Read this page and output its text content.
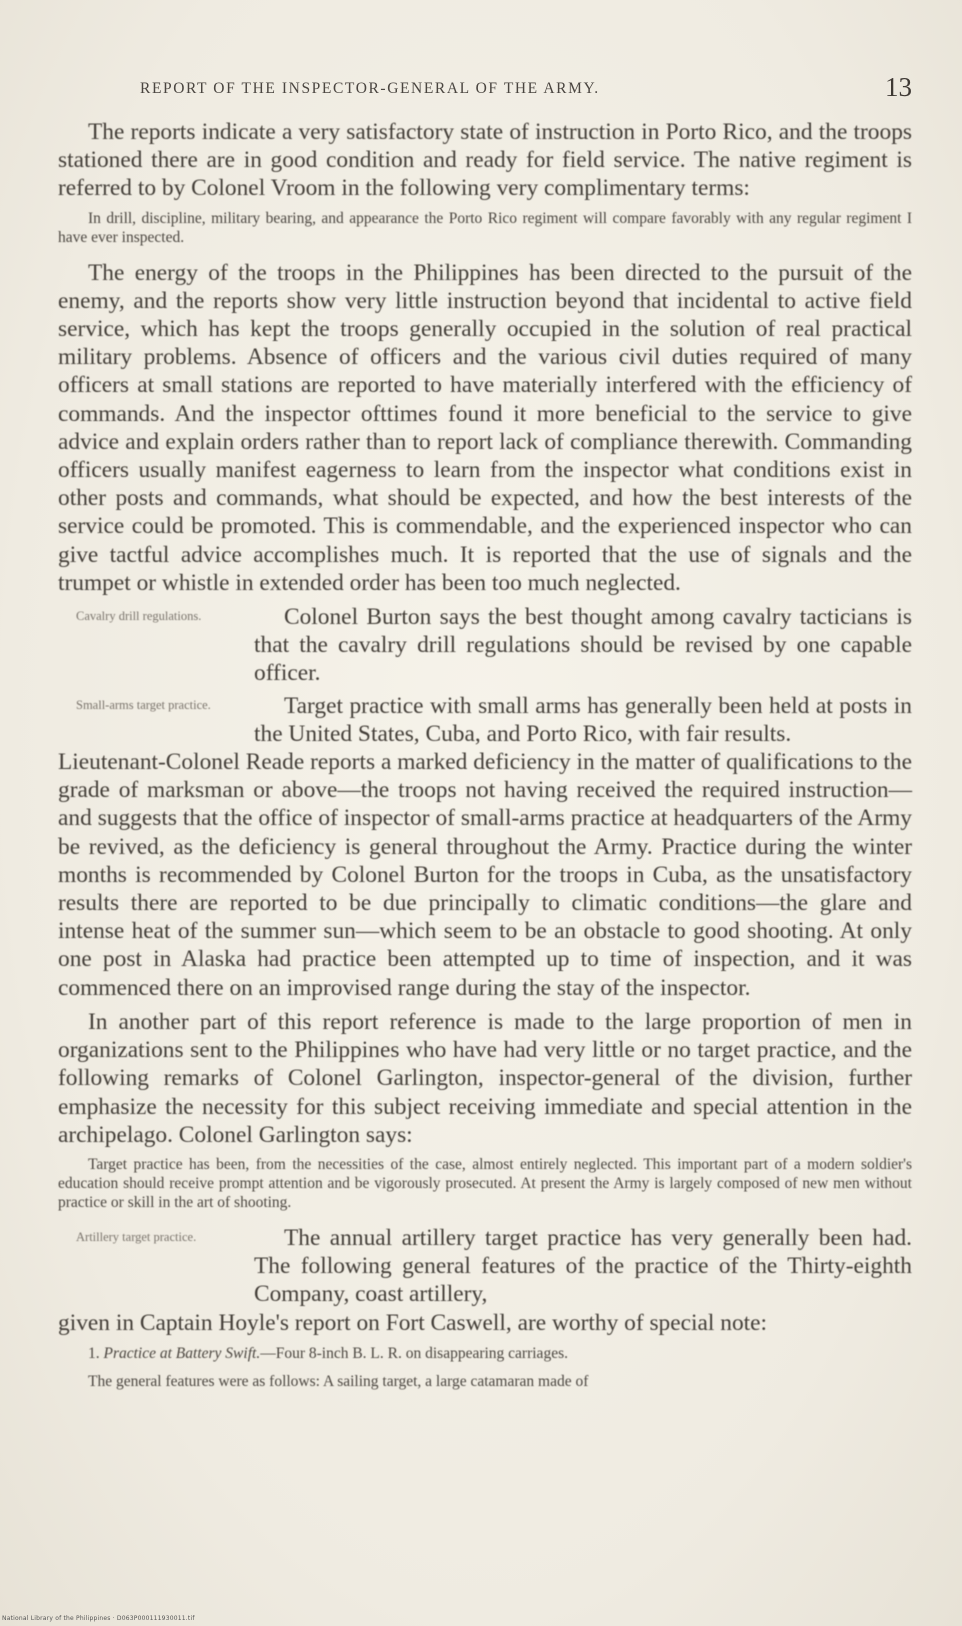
REPORT OF THE INSPECTOR-GENERAL OF THE ARMY.	13

The reports indicate a very satisfactory state of instruction in Porto Rico, and the troops stationed there are in good condition and ready for field service. The native regiment is referred to by Colonel Vroom in the following very complimentary terms:

In drill, discipline, military bearing, and appearance the Porto Rico regiment will compare favorably with any regular regiment I have ever inspected.

The energy of the troops in the Philippines has been directed to the pursuit of the enemy, and the reports show very little instruction beyond that incidental to active field service, which has kept the troops generally occupied in the solution of real practical military problems. Absence of officers and the various civil duties required of many officers at small stations are reported to have materially interfered with the efficiency of commands. And the inspector ofttimes found it more beneficial to the service to give advice and explain orders rather than to report lack of compliance therewith. Commanding officers usually manifest eagerness to learn from the inspector what conditions exist in other posts and commands, what should be expected, and how the best interests of the service could be promoted. This is commendable, and the experienced inspector who can give tactful advice accomplishes much. It is reported that the use of signals and the trumpet or whistle in extended order has been too much neglected.

Cavalry drill regulations.	Colonel Burton says the best thought among cavalry tacticians is that the cavalry drill regulations should be revised by one capable officer.

Small-arms target practice.	Target practice with small arms has generally been held at posts in the United States, Cuba, and Porto Rico, with fair results.

Lieutenant-Colonel Reade reports a marked deficiency in the matter of qualifications to the grade of marksman or above—the troops not having received the required instruction—and suggests that the office of inspector of small-arms practice at headquarters of the Army be revived, as the deficiency is general throughout the Army. Practice during the winter months is recommended by Colonel Burton for the troops in Cuba, as the unsatisfactory results there are reported to be due principally to climatic conditions—the glare and intense heat of the summer sun—which seem to be an obstacle to good shooting. At only one post in Alaska had practice been attempted up to time of inspection, and it was commenced there on an improvised range during the stay of the inspector.

In another part of this report reference is made to the large proportion of men in organizations sent to the Philippines who have had very little or no target practice, and the following remarks of Colonel Garlington, inspector-general of the division, further emphasize the necessity for this subject receiving immediate and special attention in the archipelago. Colonel Garlington says:

Target practice has been, from the necessities of the case, almost entirely neglected. This important part of a modern soldier's education should receive prompt attention and be vigorously prosecuted. At present the Army is largely composed of new men without practice or skill in the art of shooting.

Artillery target practice.	The annual artillery target practice has very generally been had. The following general features of the practice of the Thirty-eighth Company, coast artillery,

given in Captain Hoyle's report on Fort Caswell, are worthy of special note:

1. Practice at Battery Swift.—Four 8-inch B. L. R. on disappearing carriages.

The general features were as follows: A sailing target, a large catamaran made of

National Library of the Philippines · D063P000111930011.tif
